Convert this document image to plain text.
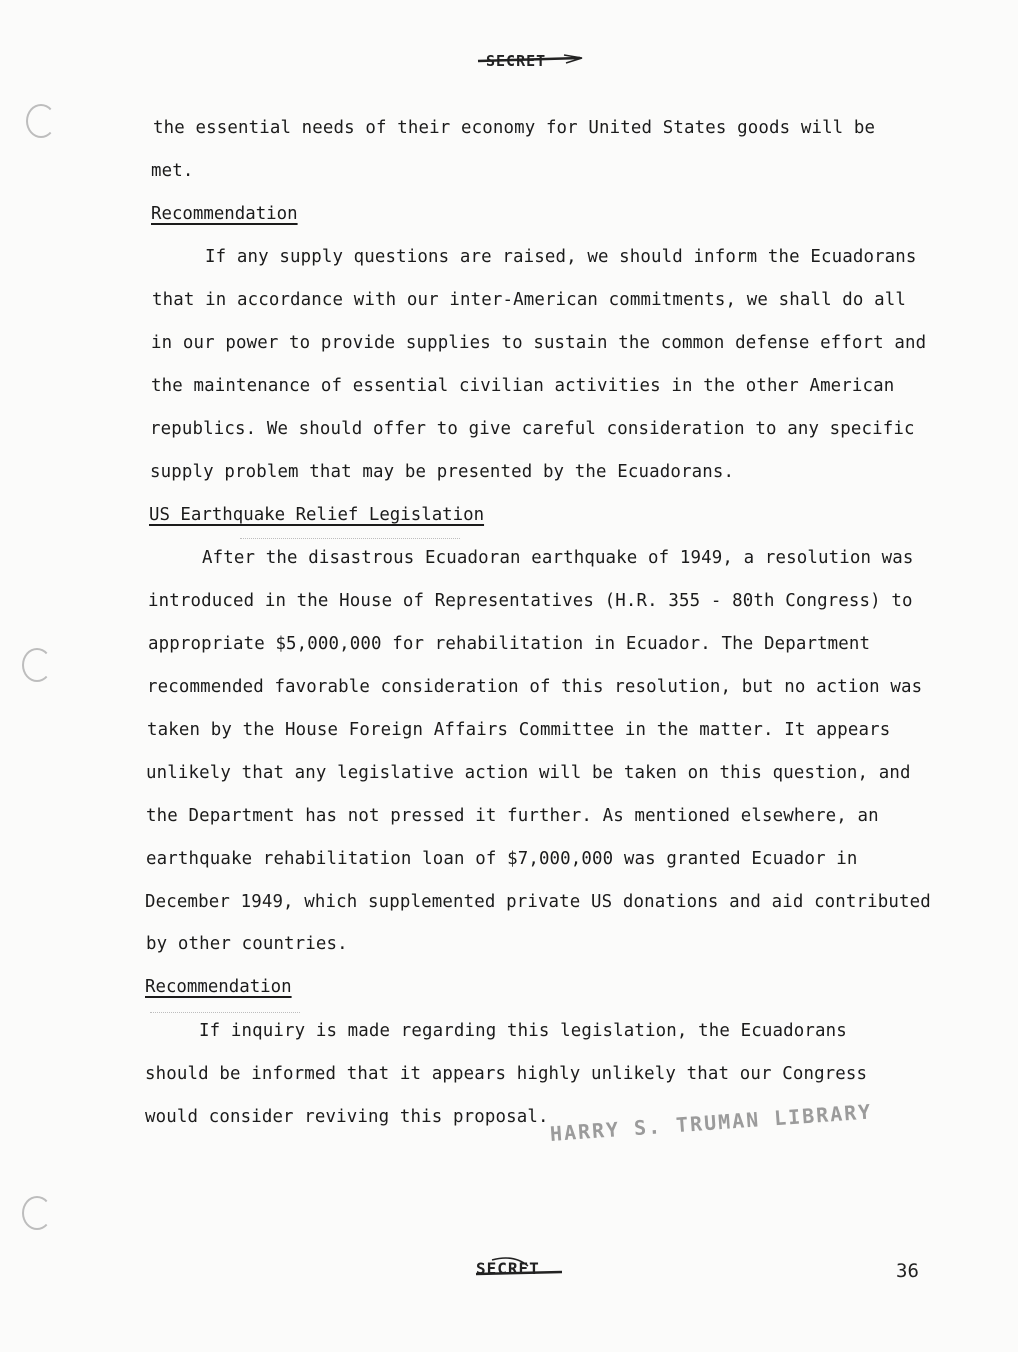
SECRET
the essential needs of their economy for United States goods will be
met.
Recommendation
If any supply questions are raised, we should inform the Ecuadorans
that in accordance with our inter-American commitments, we shall do all
in our power to provide supplies to sustain the common defense effort and
the maintenance of essential civilian activities in the other American
republics. We should offer to give careful consideration to any specific
supply problem that may be presented by the Ecuadorans.
US Earthquake Relief Legislation
After the disastrous Ecuadoran earthquake of 1949, a resolution was
introduced in the House of Representatives (H.R. 355 - 80th Congress) to
appropriate $5,000,000 for rehabilitation in Ecuador. The Department
recommended favorable consideration of this resolution, but no action was
taken by the House Foreign Affairs Committee in the matter. It appears
unlikely that any legislative action will be taken on this question, and
the Department has not pressed it further. As mentioned elsewhere, an
earthquake rehabilitation loan of $7,000,000 was granted Ecuador in
December 1949, which supplemented private US donations and aid contributed
by other countries.
Recommendation
If inquiry is made regarding this legislation, the Ecuadorans
should be informed that it appears highly unlikely that our Congress
would consider reviving this proposal. HARRY S. TRUMAN LIBRARY
SECRET	36
